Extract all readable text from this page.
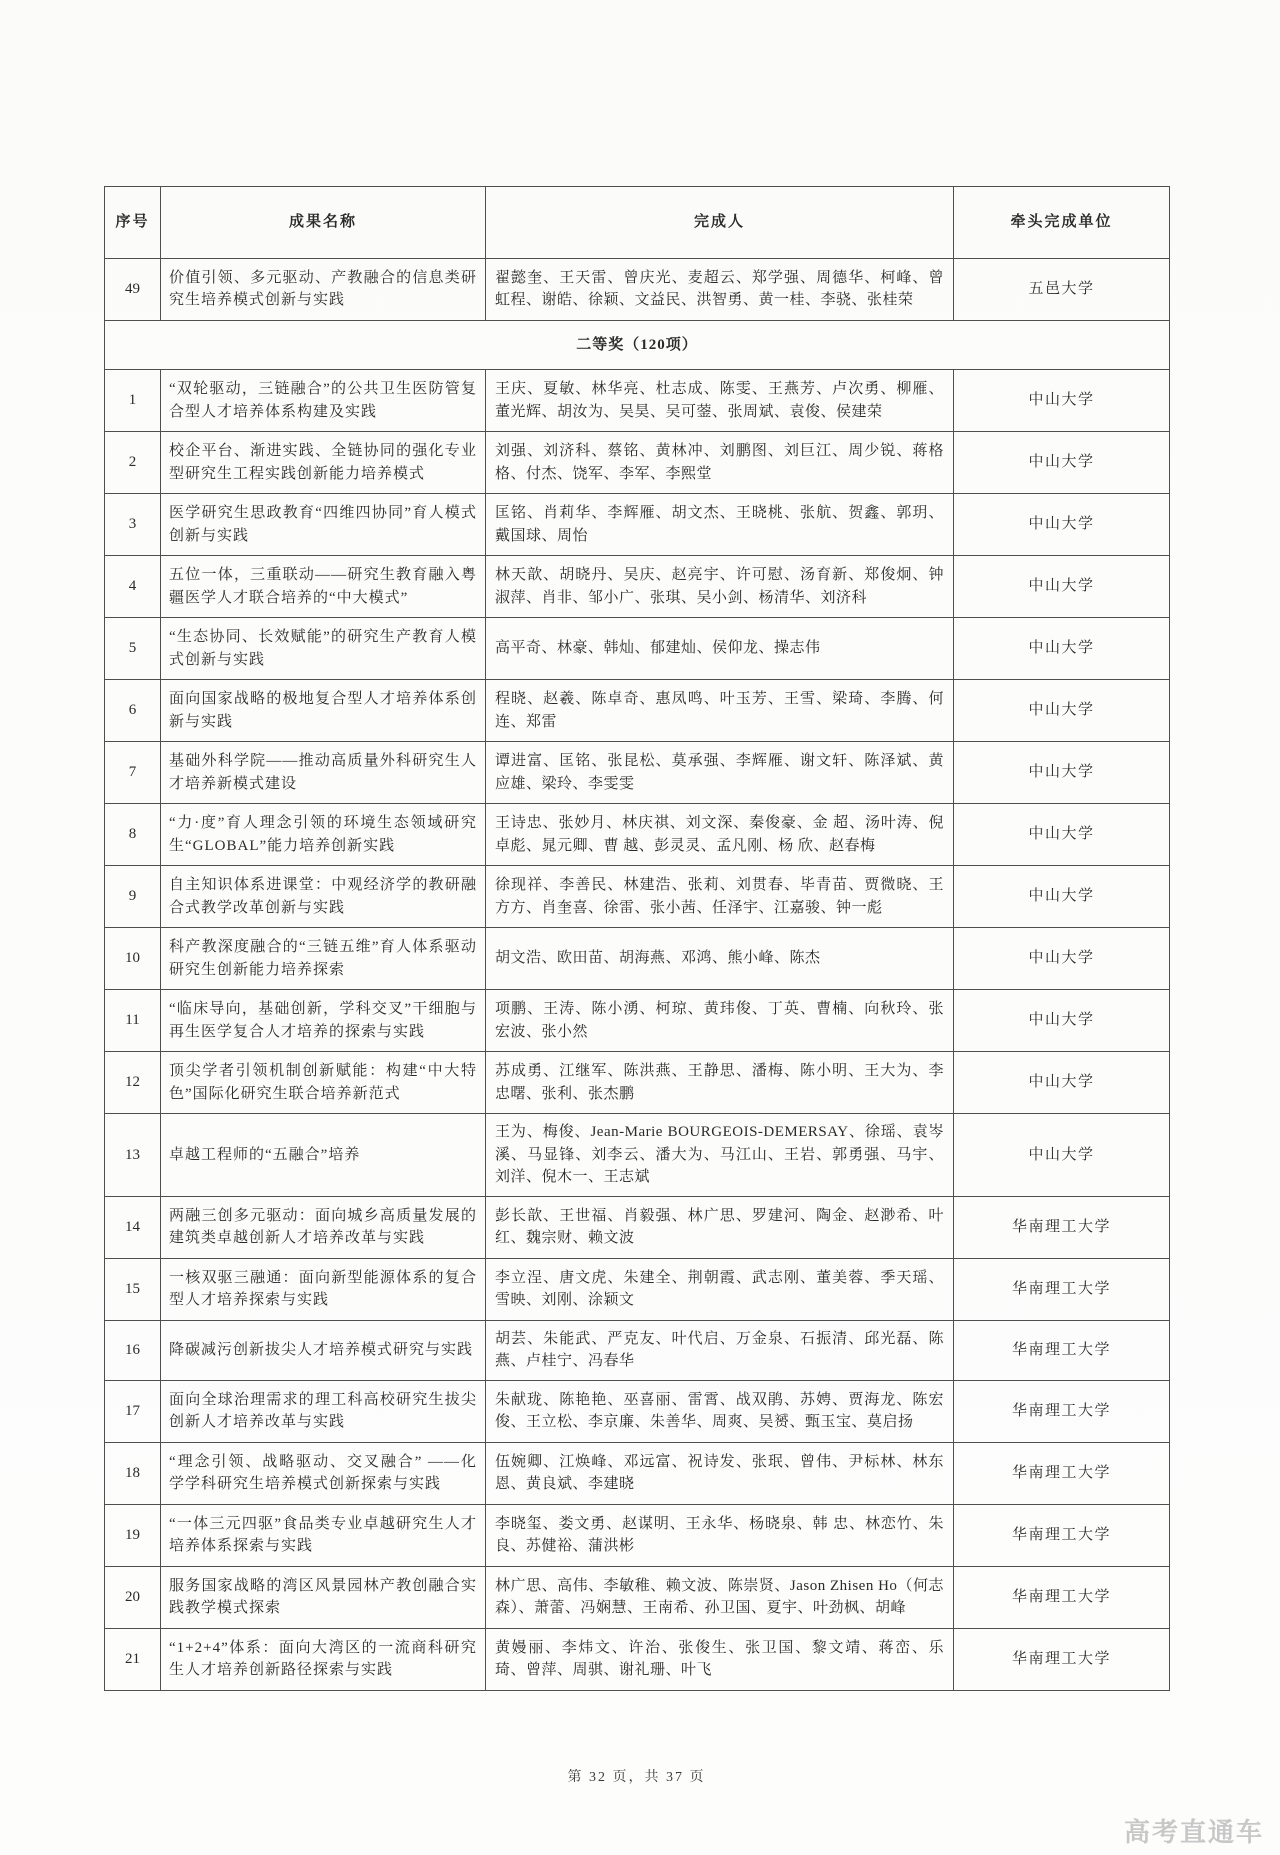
序号	成果名称	完成人	牵头完成单位
49	价值引领、多元驱动、产教融合的信息类研究生培养模式创新与实践	翟懿奎、王天雷、曾庆光、麦超云、郑学强、周德华、柯峰、曾虹程、谢皓、徐颖、文益民、洪智勇、黄一桂、李骁、张桂荣	五邑大学
二等奖（120项）			
1	“双轮驱动，三链融合”的公共卫生医防管复合型人才培养体系构建及实践	王庆、夏敏、林华亮、杜志成、陈雯、王燕芳、卢次勇、柳雁、董光辉、胡汝为、吴昊、吴可蓥、张周斌、袁俊、侯建荣	中山大学
2	校企平台、渐进实践、全链协同的强化专业型研究生工程实践创新能力培养模式	刘强、刘济科、蔡铭、黄林冲、刘鹏图、刘巨江、周少锐、蒋格格、付杰、饶军、李军、李熙堂	中山大学
3	医学研究生思政教育“四维四协同”育人模式创新与实践	匡铭、肖莉华、李辉雁、胡文杰、王晓桃、张航、贺鑫、郭玥、戴国球、周怡	中山大学
4	五位一体，三重联动——研究生教育融入粤疆医学人才联合培养的“中大模式”	林天歆、胡晓丹、吴庆、赵亮宇、许可慰、汤育新、郑俊炯、钟淑萍、肖非、邹小广、张琪、吴小剑、杨清华、刘济科	中山大学
5	“生态协同、长效赋能”的研究生产教育人模式创新与实践	高平奇、林豪、韩灿、郁建灿、侯仰龙、操志伟	中山大学
6	面向国家战略的极地复合型人才培养体系创新与实践	程晓、赵羲、陈卓奇、惠凤鸣、叶玉芳、王雪、梁琦、李腾、何连、郑雷	中山大学
7	基础外科学院——推动高质量外科研究生人才培养新模式建设	谭进富、匡铭、张昆松、莫承强、李辉雁、谢文轩、陈泽斌、黄应雄、梁玲、李雯雯	中山大学
8	“力·度”育人理念引领的环境生态领域研究生“GLOBAL”能力培养创新实践	王诗忠、张妙月、林庆祺、刘文深、秦俊豪、金 超、汤叶涛、倪卓彪、晁元卿、曹 越、彭灵灵、孟凡刚、杨 欣、赵春梅	中山大学
9	自主知识体系进课堂：中观经济学的教研融合式教学改革创新与实践	徐现祥、李善民、林建浩、张莉、刘贯春、毕青苗、贾微晓、王方方、肖奎喜、徐雷、张小茜、任泽宇、江嘉骏、钟一彪	中山大学
10	科产教深度融合的“三链五维”育人体系驱动研究生创新能力培养探索	胡文浩、欧田苗、胡海燕、邓鸿、熊小峰、陈杰	中山大学
11	“临床导向，基础创新，学科交叉”干细胞与再生医学复合人才培养的探索与实践	项鹏、王涛、陈小湧、柯琼、黄玮俊、丁英、曹楠、向秋玲、张宏波、张小然	中山大学
12	顶尖学者引领机制创新赋能：构建“中大特色”国际化研究生联合培养新范式	苏成勇、江继军、陈洪燕、王静思、潘梅、陈小明、王大为、李忠曙、张利、张杰鹏	中山大学
13	卓越工程师的“五融合”培养	王为、梅俊、Jean-Marie BOURGEOIS-DEMERSAY、徐瑶、袁岑溪、马显锋、刘李云、潘大为、马江山、王岩、郭勇强、马宇、刘洋、倪木一、王志斌	中山大学
14	两融三创多元驱动：面向城乡高质量发展的建筑类卓越创新人才培养改革与实践	彭长歆、王世福、肖毅强、林广思、罗建河、陶金、赵渺希、叶红、魏宗财、赖文波	华南理工大学
15	一核双驱三融通：面向新型能源体系的复合型人才培养探索与实践	李立浧、唐文虎、朱建全、荆朝霞、武志刚、董美蓉、季天瑶、雪映、刘刚、涂颖文	华南理工大学
16	降碳减污创新拔尖人才培养模式研究与实践	胡芸、朱能武、严克友、叶代启、万金泉、石振清、邱光磊、陈燕、卢桂宁、冯春华	华南理工大学
17	面向全球治理需求的理工科高校研究生拔尖创新人才培养改革与实践	朱献珑、陈艳艳、巫喜丽、雷霄、战双鹃、苏娉、贾海龙、陈宏俊、王立松、李京廉、朱善华、周爽、吴赟、甄玉宝、莫启扬	华南理工大学
18	“理念引领、战略驱动、交叉融合” ——化学学科研究生培养模式创新探索与实践	伍婉卿、江焕峰、邓远富、祝诗发、张珉、曾伟、尹标林、林东恩、黄良斌、李建晓	华南理工大学
19	“一体三元四驱”食品类专业卓越研究生人才培养体系探索与实践	李晓玺、娄文勇、赵谋明、王永华、杨晓泉、韩 忠、林恋竹、朱 良、苏健裕、蒲洪彬	华南理工大学
20	服务国家战略的湾区风景园林产教创融合实践教学模式探索	林广思、高伟、李敏稚、赖文波、陈崇贤、Jason Zhisen Ho（何志森）、萧蕾、冯娴慧、王南希、孙卫国、夏宇、叶劲枫、胡峰	华南理工大学
21	“1+2+4”体系：面向大湾区的一流商科研究生人才培养创新路径探索与实践	黄嫚丽、李炜文、许治、张俊生、张卫国、黎文靖、蒋峦、乐琦、曾萍、周骐、谢礼珊、叶飞	华南理工大学
第 32 页，共 37 页
高考直通车
